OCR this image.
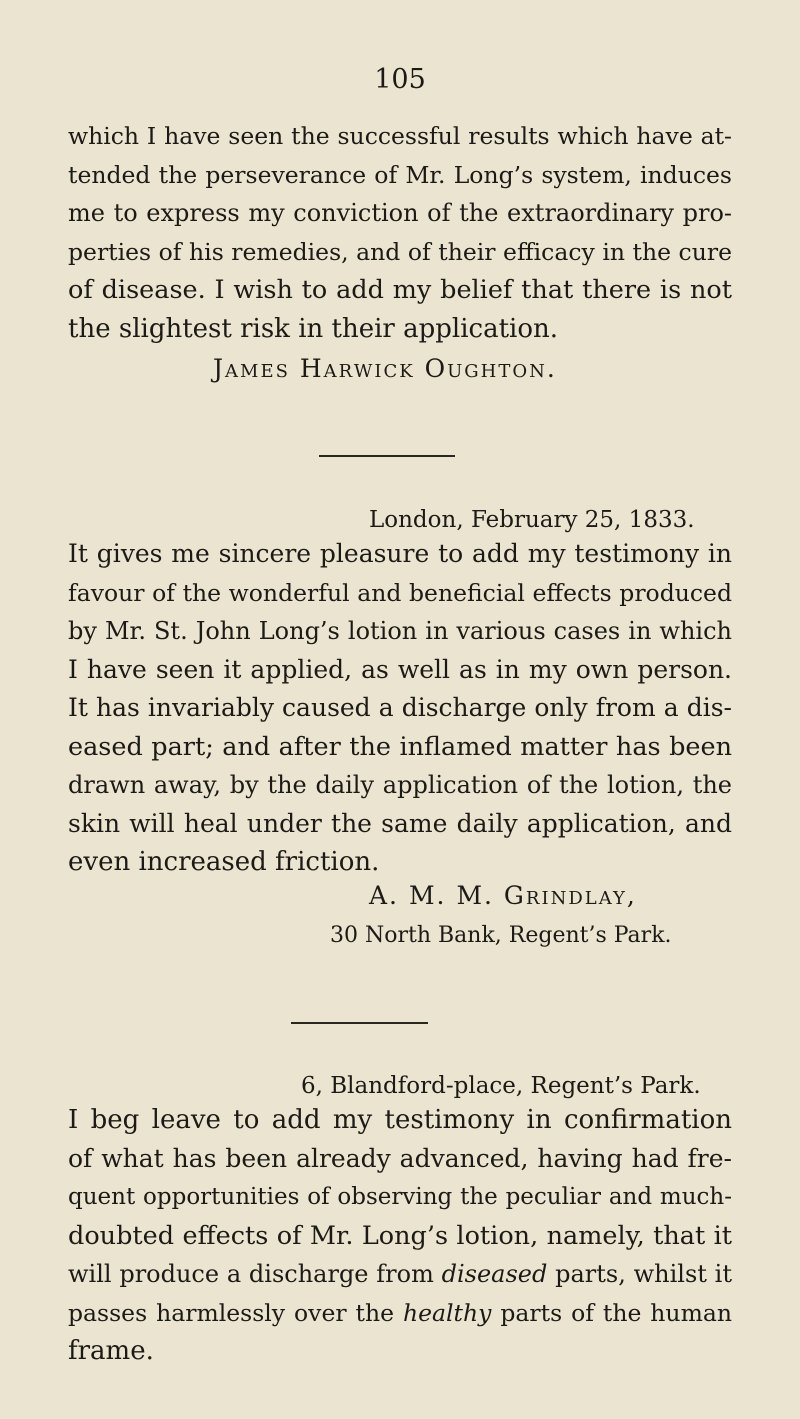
105

which I have seen the successful results which have at-
tended the perseverance of Mr. Long’s system, induces
me to express my conviction of the extraordinary pro-
perties of his remedies, and of their efficacy in the cure
of disease. I wish to add my belief that there is not
the slightest risk in their application.

James Harwick Oughton.
London, February 25, 1833.

It gives me sincere pleasure to add my testimony in
favour of the wonderful and beneficial effects produced
by Mr. St. John Long’s lotion in various cases in which
I have seen it applied, as well as in my own person.
It has invariably caused a discharge only from a dis-
eased part; and after the inflamed matter has been
drawn away, by the daily application of the lotion, the
skin will heal under the same daily application, and
even increased friction.

A. M. M. Grindlay,
30 North Bank, Regent’s Park.
6, Blandford-place, Regent’s Park.

I beg leave to add my testimony in confirmation
of what has been already advanced, having had fre-
quent opportunities of observing the peculiar and much-
doubted effects of Mr. Long’s lotion, namely, that it
will produce a discharge from diseased parts, whilst it
passes harmlessly over the healthy parts of the human
frame.
